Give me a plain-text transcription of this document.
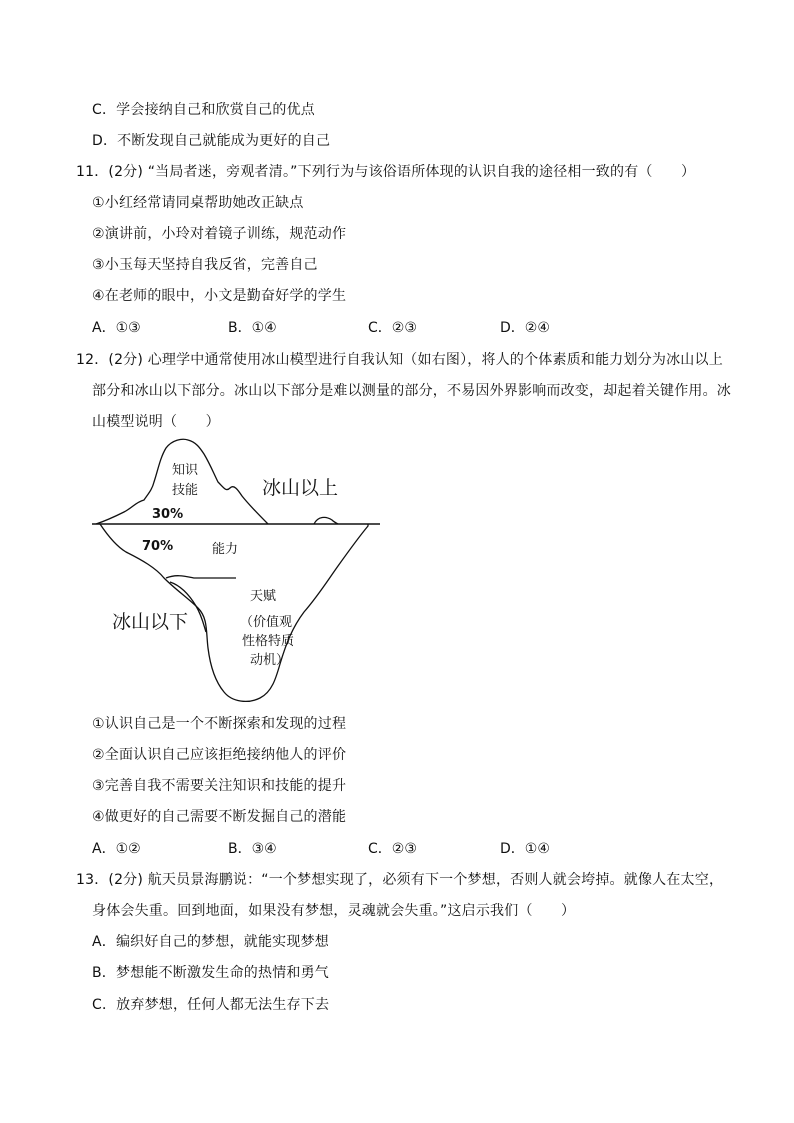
C．学会接纳自己和欣赏自己的优点
D．不断发现自己就能成为更好的自己
11．(2分) “当局者迷，旁观者清。”下列行为与该俗语所体现的认识自我的途径相一致的有（　　）
①小红经常请同桌帮助她改正缺点
②演讲前，小玲对着镜子训练，规范动作
③小玉每天坚持自我反省，完善自己
④在老师的眼中，小文是勤奋好学的学生
A．①③	B．①④	C．②③	D．②④
12．(2分) 心理学中通常使用冰山模型进行自我认知（如右图），将人的个体素质和能力划分为冰山以上
部分和冰山以下部分。冰山以下部分是难以测量的部分，不易因外界影响而改变，却起着关键作用。冰
山模型说明（　　）
知识
技能	冰山以上
30%
70%	能力
天赋
（价值观
性格特质
动机）
冰山以下
①认识自己是一个不断探索和发现的过程
②全面认识自己应该拒绝接纳他人的评价
③完善自我不需要关注知识和技能的提升
④做更好的自己需要不断发掘自己的潜能
A．①②	B．③④	C．②③	D．①④
13．(2分) 航天员景海鹏说：“一个梦想实现了，必须有下一个梦想，否则人就会垮掉。就像人在太空，
身体会失重。回到地面，如果没有梦想，灵魂就会失重。”这启示我们（　　）
A．编织好自己的梦想，就能实现梦想
B．梦想能不断激发生命的热情和勇气
C．放弃梦想，任何人都无法生存下去
